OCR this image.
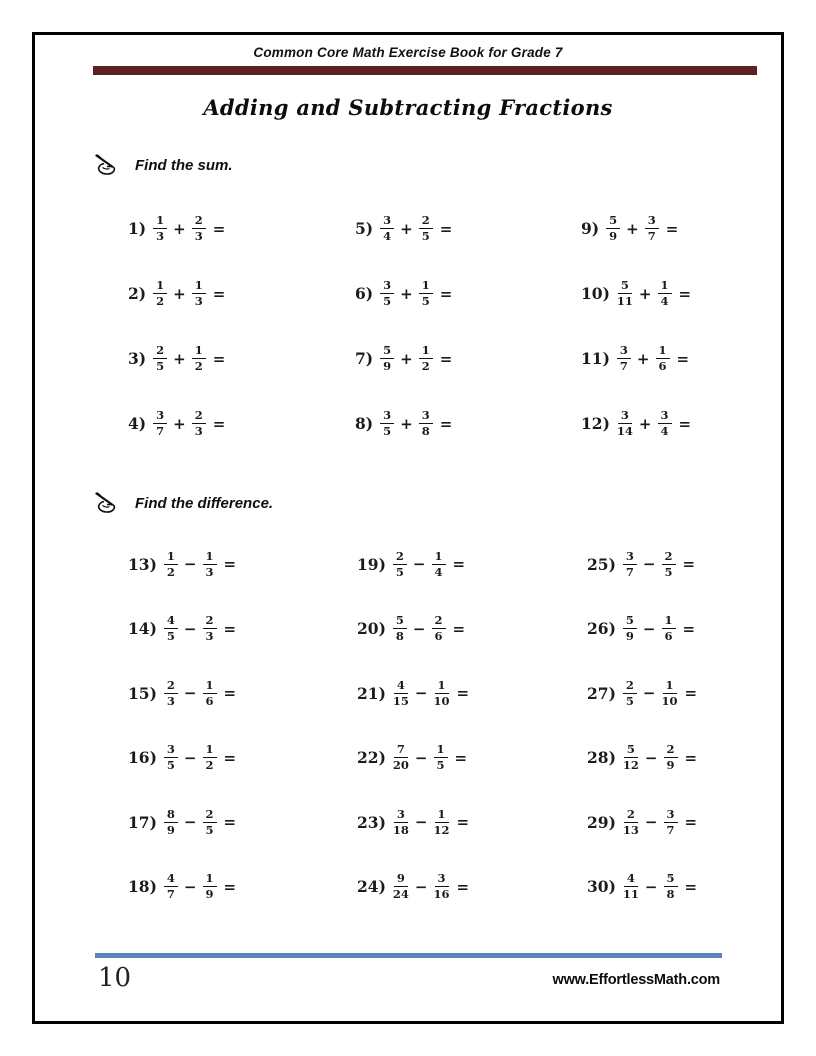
Common Core Math Exercise Book for Grade 7
Adding and Subtracting Fractions
Find the sum.
$1) \frac{1}{3} + \frac{2}{3}$ =
$2) \frac{1}{2} + \frac{1}{3}$ =
$3) \frac{2}{5} + \frac{1}{2}$ =
$4) \frac{3}{7} + \frac{2}{3}$ =
$5) \frac{3}{4} + \frac{2}{5}$ =
$6) \frac{3}{5} + \frac{1}{5}$ =
$7) \frac{5}{9} + \frac{1}{2}$ =
$8) \frac{3}{5} + \frac{3}{8}$ =
$9) \frac{5}{9} + \frac{3}{7}$ =
$10) \frac{5}{11} + \frac{1}{4}$ =
$11) \frac{3}{7} + \frac{1}{6}$ =
$12) \frac{3}{14} + \frac{3}{4}$ =
Find the difference.
$13) \frac{1}{2} - \frac{1}{3}$ =
$14) \frac{4}{5} - \frac{2}{3}$ =
$15) \frac{2}{3} - \frac{1}{6}$ =
$16) \frac{3}{5} - \frac{1}{2}$ =
$17) \frac{8}{9} - \frac{2}{5}$ =
$18) \frac{4}{7} - \frac{1}{9}$ =
$19) \frac{2}{5} - \frac{1}{4}$ =
$20) \frac{5}{8} - \frac{2}{6}$ =
$21) \frac{4}{15} - \frac{1}{10}$ =
$22) \frac{7}{20} - \frac{1}{5}$ =
$23) \frac{3}{18} - \frac{1}{12}$ =
$24) \frac{9}{24} - \frac{3}{16}$ =
$25) \frac{3}{7} - \frac{2}{5}$ =
$26) \frac{5}{9} - \frac{1}{6}$ =
$27) \frac{2}{5} - \frac{1}{10}$ =
$28) \frac{5}{12} - \frac{2}{9}$ =
$29) \frac{2}{13} - \frac{3}{7}$ =
$30) \frac{4}{11} - \frac{5}{8}$ =
10	www.EffortlessMath.com
